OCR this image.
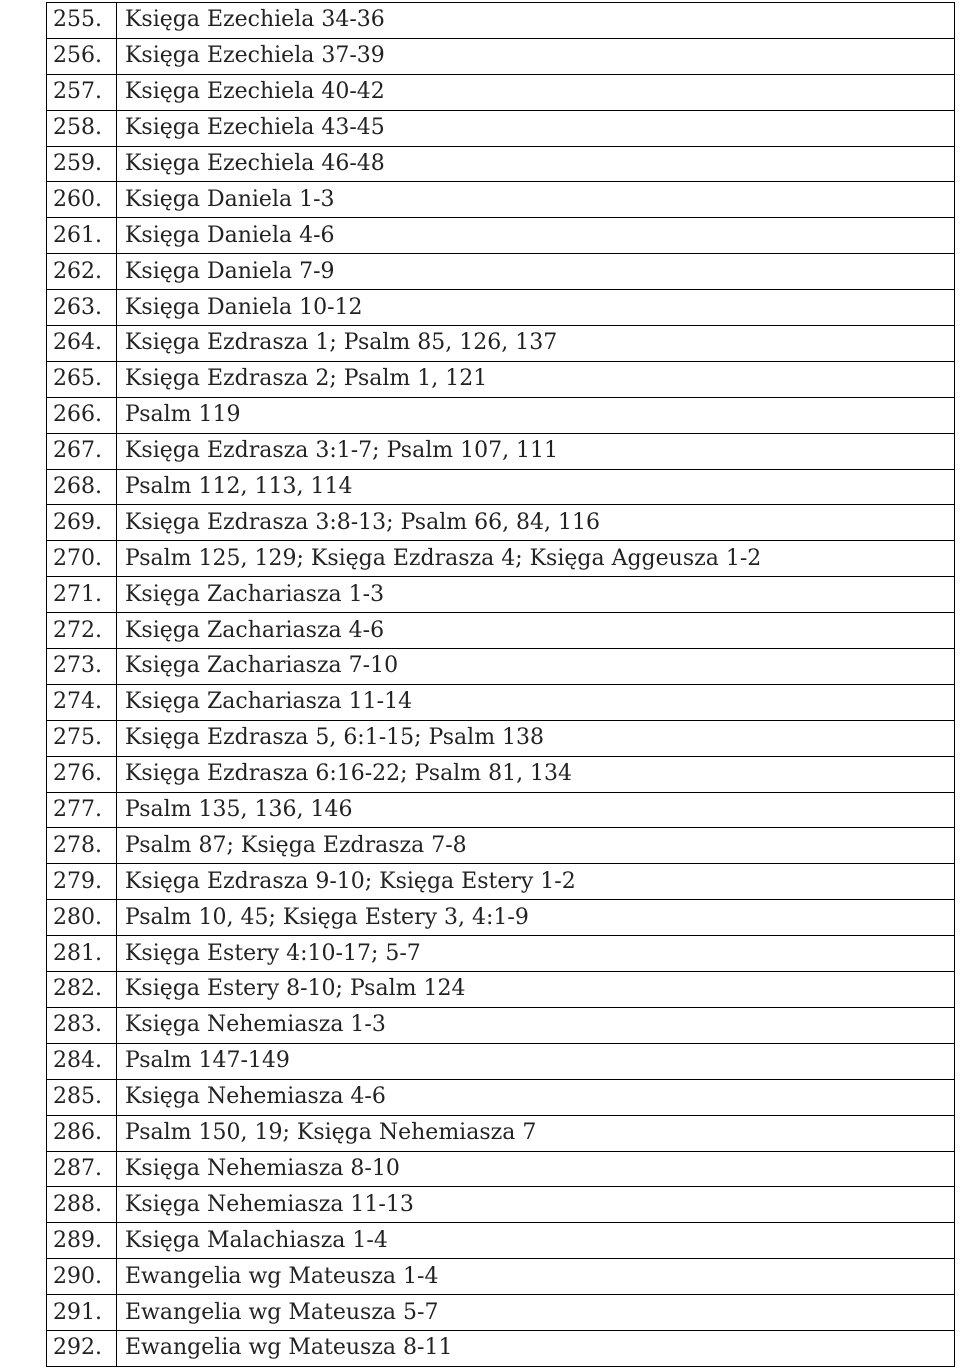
255.	Księga Ezechiela 34-36
256.	Księga Ezechiela 37-39
257.	Księga Ezechiela 40-42
258.	Księga Ezechiela 43-45
259.	Księga Ezechiela 46-48
260.	Księga Daniela 1-3
261.	Księga Daniela 4-6
262.	Księga Daniela 7-9
263.	Księga Daniela 10-12
264.	Księga Ezdrasza 1; Psalm 85, 126, 137
265.	Księga Ezdrasza 2; Psalm 1, 121
266.	Psalm 119
267.	Księga Ezdrasza 3:1-7; Psalm 107, 111
268.	Psalm 112, 113, 114
269.	Księga Ezdrasza 3:8-13; Psalm 66, 84, 116
270.	Psalm 125, 129; Księga Ezdrasza 4; Księga Aggeusza 1-2
271.	Księga Zachariasza 1-3
272.	Księga Zachariasza 4-6
273.	Księga Zachariasza 7-10
274.	Księga Zachariasza 11-14
275.	Księga Ezdrasza 5, 6:1-15; Psalm 138
276.	Księga Ezdrasza 6:16-22; Psalm 81, 134
277.	Psalm 135, 136, 146
278.	Psalm 87; Księga Ezdrasza 7-8
279.	Księga Ezdrasza 9-10; Księga Estery 1-2
280.	Psalm 10, 45; Księga Estery 3, 4:1-9
281.	Księga Estery 4:10-17; 5-7
282.	Księga Estery 8-10; Psalm 124
283.	Księga Nehemiasza 1-3
284.	Psalm 147-149
285.	Księga Nehemiasza 4-6
286.	Psalm 150, 19; Księga Nehemiasza 7
287.	Księga Nehemiasza 8-10
288.	Księga Nehemiasza 11-13
289.	Księga Malachiasza 1-4
290.	Ewangelia wg Mateusza 1-4
291.	Ewangelia wg Mateusza 5-7
292.	Ewangelia wg Mateusza 8-11
